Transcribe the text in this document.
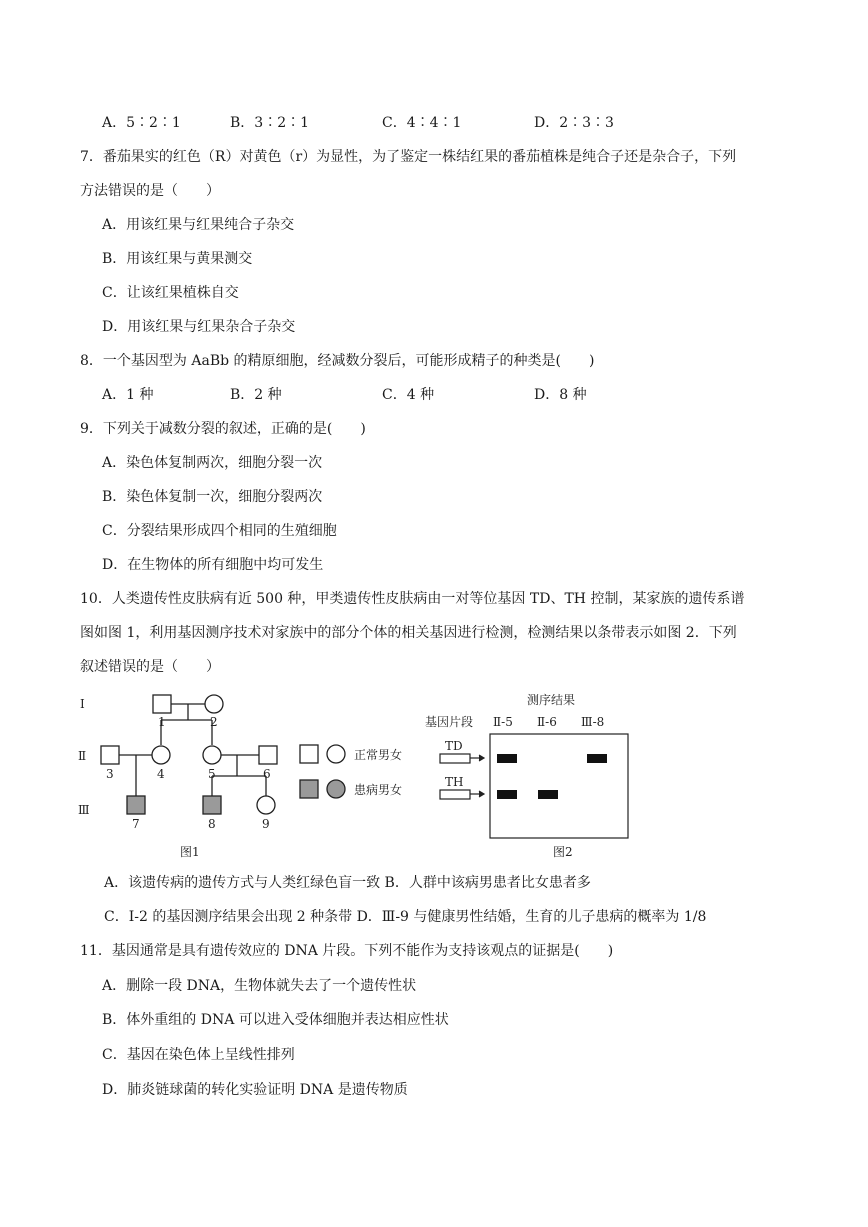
A．5∶2∶1	B．3∶2∶1	C．4∶4∶1	D．2∶3∶3
7．番茄果实的红色（R）对黄色（r）为显性，为了鉴定一株结红果的番茄植株是纯合子还是杂合子，下列
方法错误的是（　　）
A．用该红果与红果纯合子杂交
B．用该红果与黄果测交
C．让该红果植株自交
D．用该红果与红果杂合子杂交
8．一个基因型为 AaBb 的精原细胞，经减数分裂后，可能形成精子的种类是(　　)
A．1 种	B．2 种	C．4 种	D．8 种
9．下列关于减数分裂的叙述，正确的是(　　)
A．染色体复制两次，细胞分裂一次
B．染色体复制一次，细胞分裂两次
C．分裂结果形成四个相同的生殖细胞
D．在生物体的所有细胞中均可发生
10．人类遗传性皮肤病有近 500 种，甲类遗传性皮肤病由一对等位基因 TD、TH 控制，某家族的遗传系谱
图如图 1，利用基因测序技术对家族中的部分个体的相关基因进行检测，检测结果以条带表示如图 2．下列
叙述错误的是（　　）
I
Ⅱ
Ⅲ
1	2
3	4	5	6
7	8	9
正常男女
患病男女
图1
测序结果
基因片段 Ⅱ-5 Ⅱ-6 Ⅲ-8
TD
TH
图2
A．该遗传病的遗传方式与人类红绿色盲一致 B．人群中该病男患者比女患者多
C．I-2 的基因测序结果会出现 2 种条带 D．Ⅲ-9 与健康男性结婚，生育的儿子患病的概率为 1/8
11．基因通常是具有遗传效应的 DNA 片段。下列不能作为支持该观点的证据是(　　)
A．删除一段 DNA，生物体就失去了一个遗传性状
B．体外重组的 DNA 可以进入受体细胞并表达相应性状
C．基因在染色体上呈线性排列
D．肺炎链球菌的转化实验证明 DNA 是遗传物质
